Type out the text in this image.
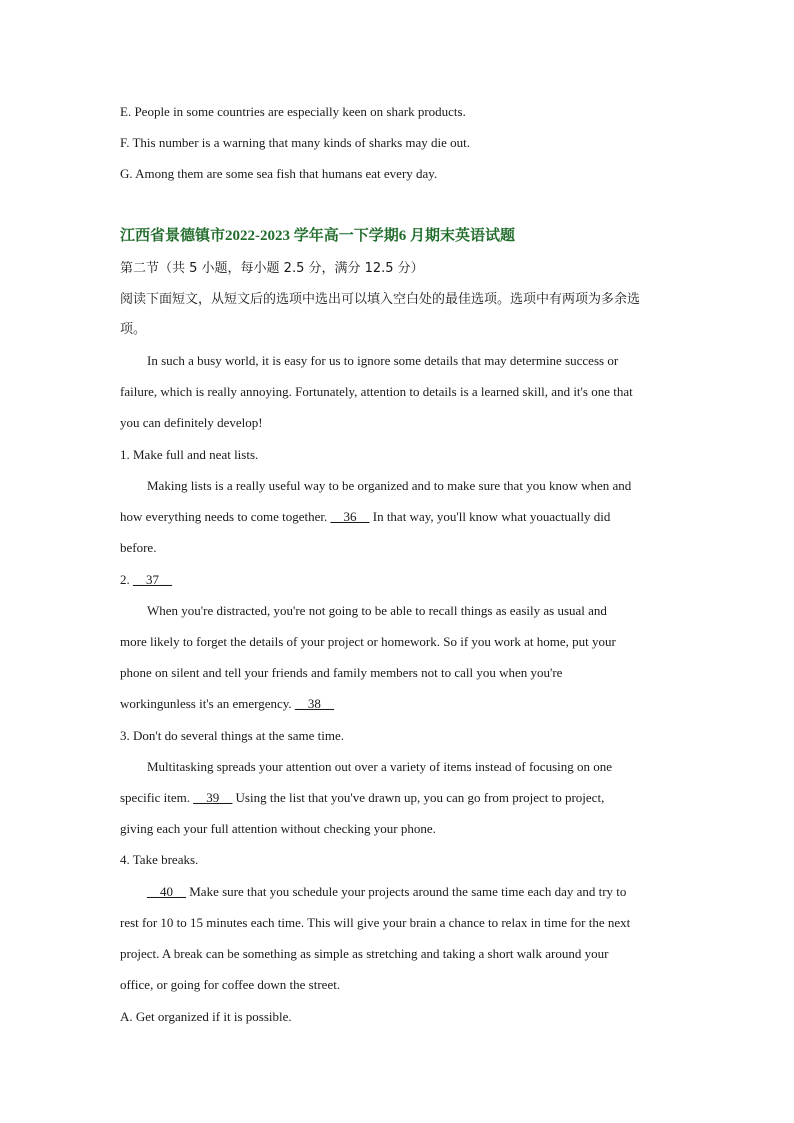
E. People in some countries are especially keen on shark products.
F. This number is a warning that many kinds of sharks may die out.
G. Among them are some sea fish that humans eat every day.
江西省景德镇市2022-2023 学年高一下学期6 月期末英语试题
第二节（共 5 小题，每小题 2.5 分，满分 12.5 分）
阅读下面短文，从短文后的选项中选出可以填入空白处的最佳选项。选项中有两项为多余选
项。
In such a busy world, it is easy for us to ignore some details that may determine success or
failure, which is really annoying. Fortunately, attention to details is a learned skill, and it's one that
you can definitely develop!
1. Make full and neat lists.
Making lists is a really useful way to be organized and to make sure that you know when and
how everything needs to come together. __36__ In that way, you'll know what youactually did
before.
2. __37__
When you're distracted, you're not going to be able to recall things as easily as usual and
more likely to forget the details of your project or homework. So if you work at home, put your
phone on silent and tell your friends and family members not to call you when you're
workingunless it's an emergency. __38__
3. Don't do several things at the same time.
Multitasking spreads your attention out over a variety of items instead of focusing on one
specific item. __39__ Using the list that you've drawn up, you can go from project to project,
giving each your full attention without checking your phone.
4. Take breaks.
__40__ Make sure that you schedule your projects around the same time each day and try to
rest for 10 to 15 minutes each time. This will give your brain a chance to relax in time for the next
project. A break can be something as simple as stretching and taking a short walk around your
office, or going for coffee down the street.
A. Get organized if it is possible.
